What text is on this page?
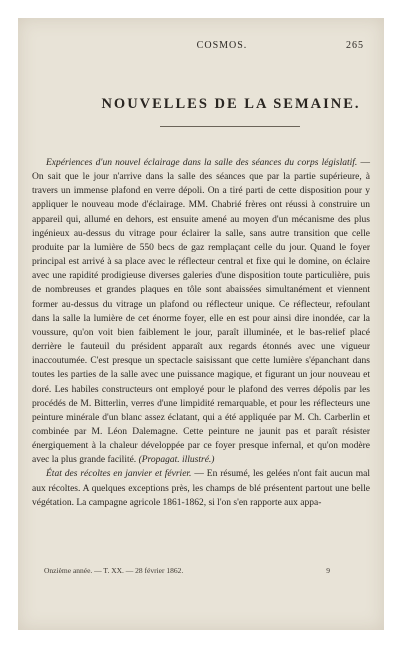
COSMOS.	265
NOUVELLES DE LA SEMAINE.

Expériences d'un nouvel éclairage dans la salle des séances du corps législatif. — On sait que le jour n'arrive dans la salle des séances que par la partie supérieure, à travers un immense plafond en verre dépoli. On a tiré parti de cette disposition pour y appliquer le nouveau mode d'éclairage. MM. Chabrié frères ont réussi à construire un appareil qui, allumé en dehors, est ensuite amené au moyen d'un mécanisme des plus ingénieux au-dessus du vitrage pour éclairer la salle, sans autre transition que celle produite par la lumière de 550 becs de gaz remplaçant celle du jour. Quand le foyer principal est arrivé à sa place avec le réflecteur central et fixe qui le domine, on éclaire avec une rapidité prodigieuse diverses galeries d'une disposition toute particulière, puis de nombreuses et grandes plaques en tôle sont abaissées simultanément et viennent former au-dessus du vitrage un plafond ou réflecteur unique. Ce réflecteur, refoulant dans la salle la lumière de cet énorme foyer, elle en est pour ainsi dire inondée, car la voussure, qu'on voit bien faiblement le jour, paraît illuminée, et le bas-relief placé derrière le fauteuil du président apparaît aux regards étonnés avec une vigueur inaccoutumée. C'est presque un spectacle saisissant que cette lumière s'épanchant dans toutes les parties de la salle avec une puissance magique, et figurant un jour nouveau et doré. Les habiles constructeurs ont employé pour le plafond des verres dépolis par les procédés de M. Bitterlin, verres d'une limpidité remarquable, et pour les réflecteurs une peinture minérale d'un blanc assez éclatant, qui a été appliquée par M. Ch. Carberlin et combinée par M. Léon Dalemagne. Cette peinture ne jaunit pas et paraît résister énergiquement à la chaleur développée par ce foyer presque infernal, et qu'on modère avec la plus grande facilité. (Propagat. illustré.)

État des récoltes en janvier et février. — En résumé, les gelées n'ont fait aucun mal aux récoltes. A quelques exceptions près, les champs de blé présentent partout une belle végétation. La campagne agricole 1861-1862, si l'on s'en rapporte aux appa-

Onzième année. — T. XX. — 28 février 1862.	9
